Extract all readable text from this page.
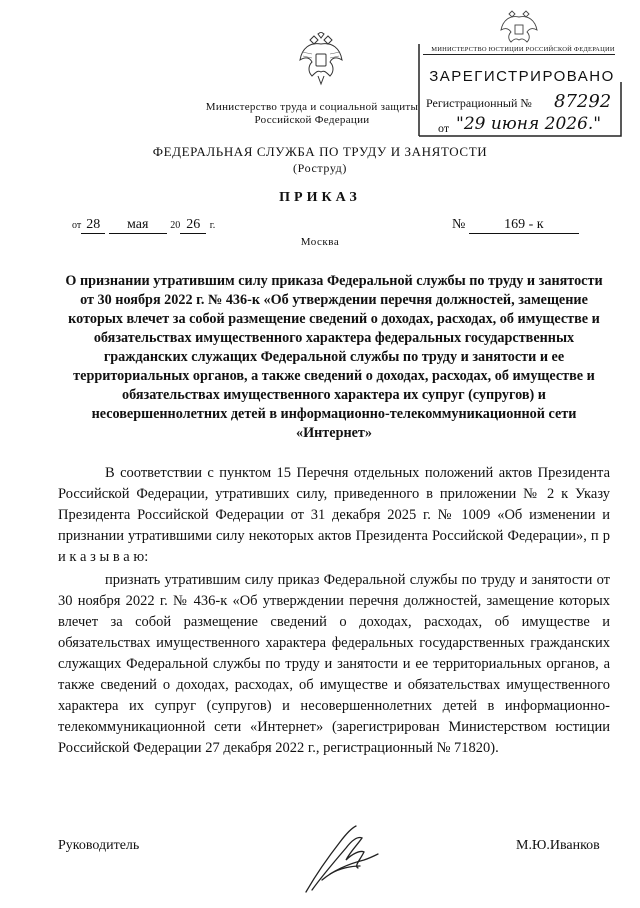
Министерство труда и социальной защиты
Российской Федерации
МИНИСТЕРСТВО ЮСТИЦИИ РОССИЙСКОЙ ФЕДЕРАЦИИ
ЗАРЕГИСТРИРОВАНО
Регистрационный № 87292
от "29 июня 2026."
ФЕДЕРАЛЬНАЯ СЛУЖБА ПО ТРУДУ И ЗАНЯТОСТИ
(Роструд)
ПРИКАЗ
от 28 мая 20 26 г.	№	169 - к
Москва
О признании утратившим силу приказа Федеральной службы по труду и занятости от 30 ноября 2022 г. № 436-к «Об утверждении перечня должностей, замещение которых влечет за собой размещение сведений о доходах, расходах, об имуществе и обязательствах имущественного характера федеральных государственных гражданских служащих Федеральной службы по труду и занятости и ее территориальных органов, а также сведений о доходах, расходах, об имуществе и обязательствах имущественного характера их супруг (супругов) и несовершеннолетних детей в информационно-телекоммуникационной сети «Интернет»
В соответствии с пунктом 15 Перечня отдельных положений актов Президента Российской Федерации, утративших силу, приведенного в приложении № 2 к Указу Президента Российской Федерации от 31 декабря 2025 г. № 1009 «Об изменении и признании утратившими силу некоторых актов Президента Российской Федерации», п р и к а з ы в а ю:
признать утратившим силу приказ Федеральной службы по труду и занятости от 30 ноября 2022 г. № 436-к «Об утверждении перечня должностей, замещение которых влечет за собой размещение сведений о доходах, расходах, об имуществе и обязательствах имущественного характера федеральных государственных гражданских служащих Федеральной службы по труду и занятости и ее территориальных органов, а также сведений о доходах, расходах, об имуществе и обязательствах имущественного характера их супруг (супругов) и несовершеннолетних детей в информационно-телекоммуникационной сети «Интернет» (зарегистрирован Министерством юстиции Российской Федерации 27 декабря 2022 г., регистрационный № 71820).
Руководитель	М.Ю.Иванков
